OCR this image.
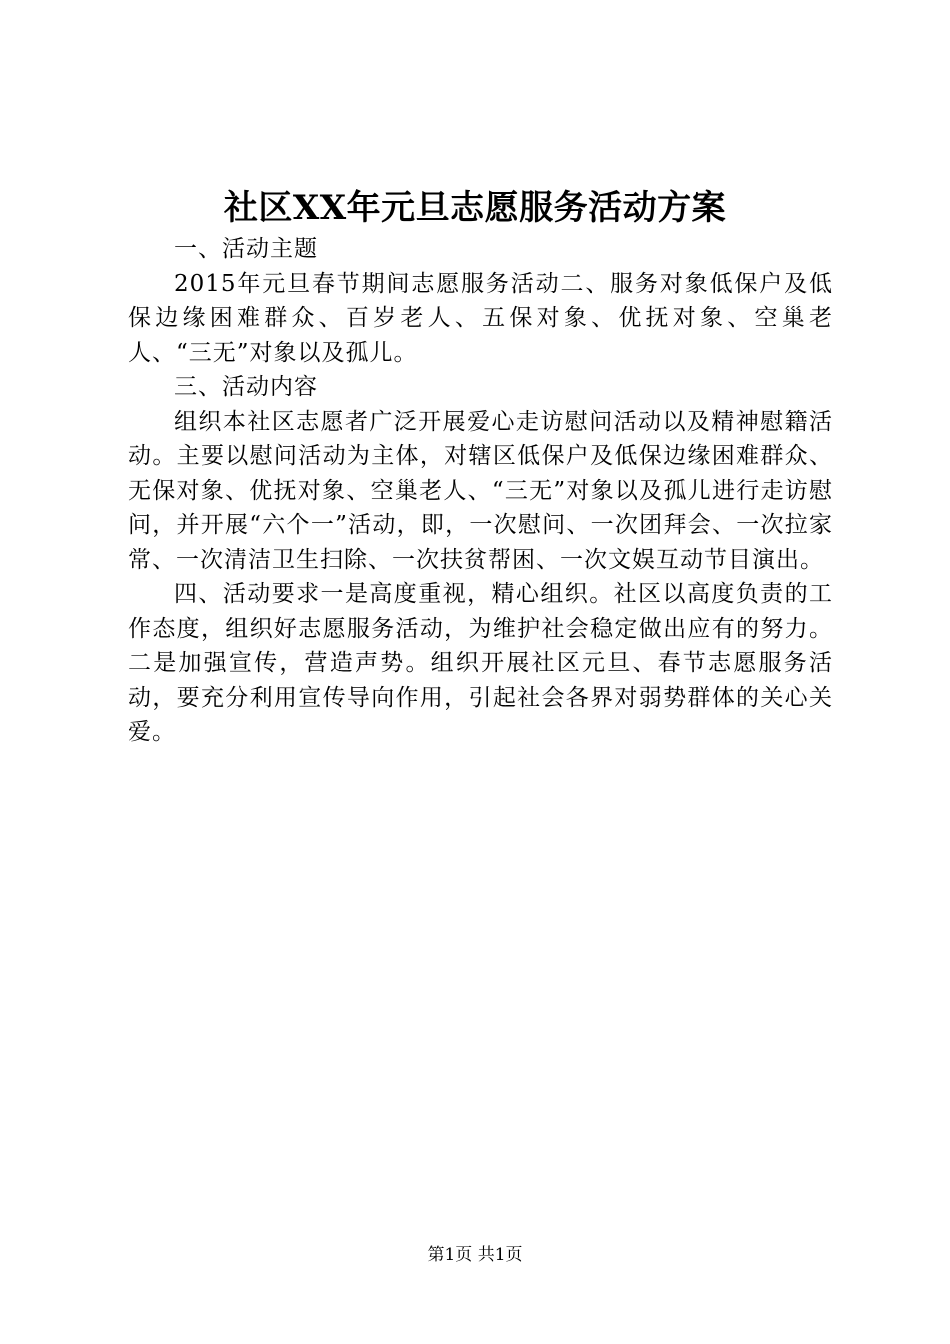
社区XX年元旦志愿服务活动方案

一、活动主题

2015年元旦春节期间志愿服务活动二、服务对象低保户及低保边缘困难群众、百岁老人、五保对象、优抚对象、空巢老人、“三无”对象以及孤儿。

三、活动内容

组织本社区志愿者广泛开展爱心走访慰问活动以及精神慰籍活动。主要以慰问活动为主体，对辖区低保户及低保边缘困难群众、无保对象、优抚对象、空巢老人、“三无”对象以及孤儿进行走访慰问，并开展“六个一”活动，即，一次慰问、一次团拜会、一次拉家常、一次清洁卫生扫除、一次扶贫帮困、一次文娱互动节目演出。

四、活动要求一是高度重视，精心组织。社区以高度负责的工作态度，组织好志愿服务活动，为维护社会稳定做出应有的努力。二是加强宣传，营造声势。组织开展社区元旦、春节志愿服务活动，要充分利用宣传导向作用，引起社会各界对弱势群体的关心关爱。

第1页 共1页
